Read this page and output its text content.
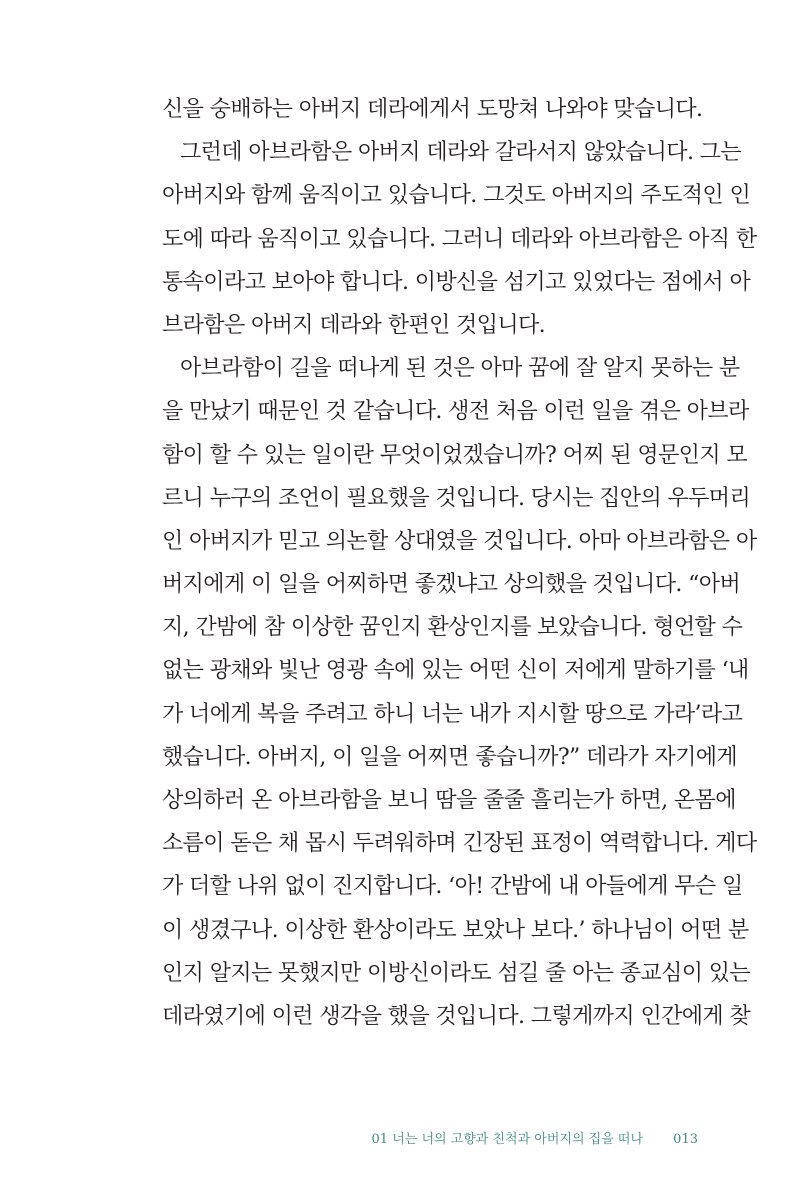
신을 숭배하는 아버지 데라에게서 도망쳐 나와야 맞습니다.
그런데 아브라함은 아버지 데라와 갈라서지 않았습니다. 그는
아버지와 함께 움직이고 있습니다. 그것도 아버지의 주도적인 인
도에 따라 움직이고 있습니다. 그러니 데라와 아브라함은 아직 한
통속이라고 보아야 합니다. 이방신을 섬기고 있었다는 점에서 아
브라함은 아버지 데라와 한편인 것입니다.
아브라함이 길을 떠나게 된 것은 아마 꿈에 잘 알지 못하는 분
을 만났기 때문인 것 같습니다. 생전 처음 이런 일을 겪은 아브라
함이 할 수 있는 일이란 무엇이었겠습니까? 어찌 된 영문인지 모
르니 누구의 조언이 필요했을 것입니다. 당시는 집안의 우두머리
인 아버지가 믿고 의논할 상대였을 것입니다. 아마 아브라함은 아
버지에게 이 일을 어찌하면 좋겠냐고 상의했을 것입니다. “아버
지, 간밤에 참 이상한 꿈인지 환상인지를 보았습니다. 형언할 수
없는 광채와 빛난 영광 속에 있는 어떤 신이 저에게 말하기를 ‘내
가 너에게 복을 주려고 하니 너는 내가 지시할 땅으로 가라’라고
했습니다. 아버지, 이 일을 어찌면 좋습니까?” 데라가 자기에게
상의하러 온 아브라함을 보니 땀을 줄줄 흘리는가 하면, 온몸에
소름이 돋은 채 몹시 두려워하며 긴장된 표정이 역력합니다. 게다
가 더할 나위 없이 진지합니다. ‘아! 간밤에 내 아들에게 무슨 일
이 생겼구나. 이상한 환상이라도 보았나 보다.’ 하나님이 어떤 분
인지 알지는 못했지만 이방신이라도 섬길 줄 아는 종교심이 있는
데라였기에 이런 생각을 했을 것입니다. 그렇게까지 인간에게 찾
01 너는 너의 고향과 친척과 아버지의 집을 떠나 013
